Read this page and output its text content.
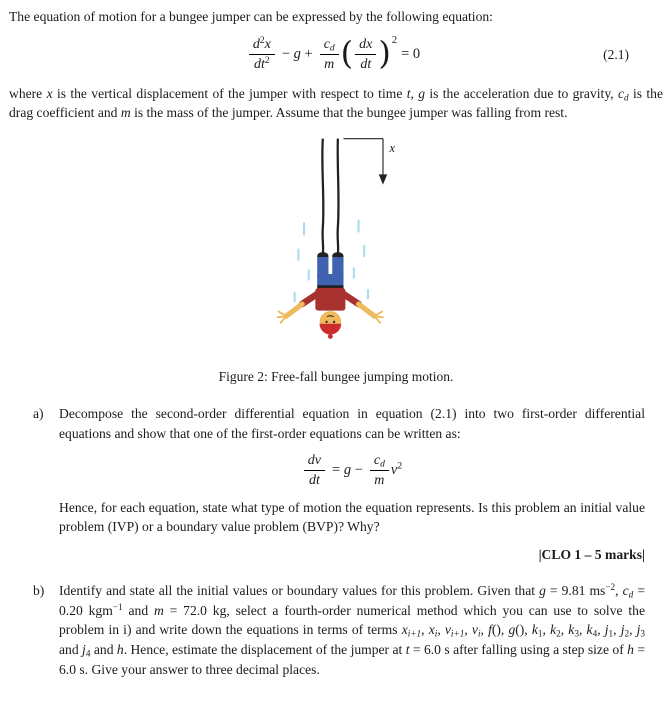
The equation of motion for a bungee jumper can be expressed by the following equation:

$\frac{d^2x}{dt^2} - g + \frac{c_d}{m}$ ( $\frac{dx}{dt} )^2= 0$	(2.1)

where x is the vertical displacement of the jumper with respect to time t, g is the acceleration due to gravity, $c_d$ is the drag coefficient and m is the mass of the jumper. Assume that the bungee jumper was falling from rest.

x
Figure 2: Free-fall bungee jumping motion.
a)	Decompose the second-order differential equation in equation (2.1) into two first-order differential equations and show that one of the first-order equations can be written as:

$\frac{dv}{dt} = g - \frac{c_d}{m} v^2$

Hence, for each equation, state what type of motion the equation represents. Is this problem an initial value problem (IVP) or a boundary value problem (BVP)? Why?

|CLO 1 – 5 marks|
b)	Identify and state all the initial values or boundary values for this problem. Given that g = 9.81 $ms^{-2}$, $c_d = 0.20$ kgm$^{-1}$ and m = 72.0 kg, select a fourth-order numerical method which you can use to solve the problem in i) and write down the equations in terms of terms $x_{i+1}$, $x_i$, $v_{i+1}$, $v_i$, f(), g(), $k_1$, $k_2$, $k_3$, $k_4$, $j_1$, $j_2$, $j_3$ and $j_4$ and h. Hence, estimate the displacement of the jumper at t = 6.0 s after falling using a step size of h = 6.0 s. Give your answer to three decimal places.
